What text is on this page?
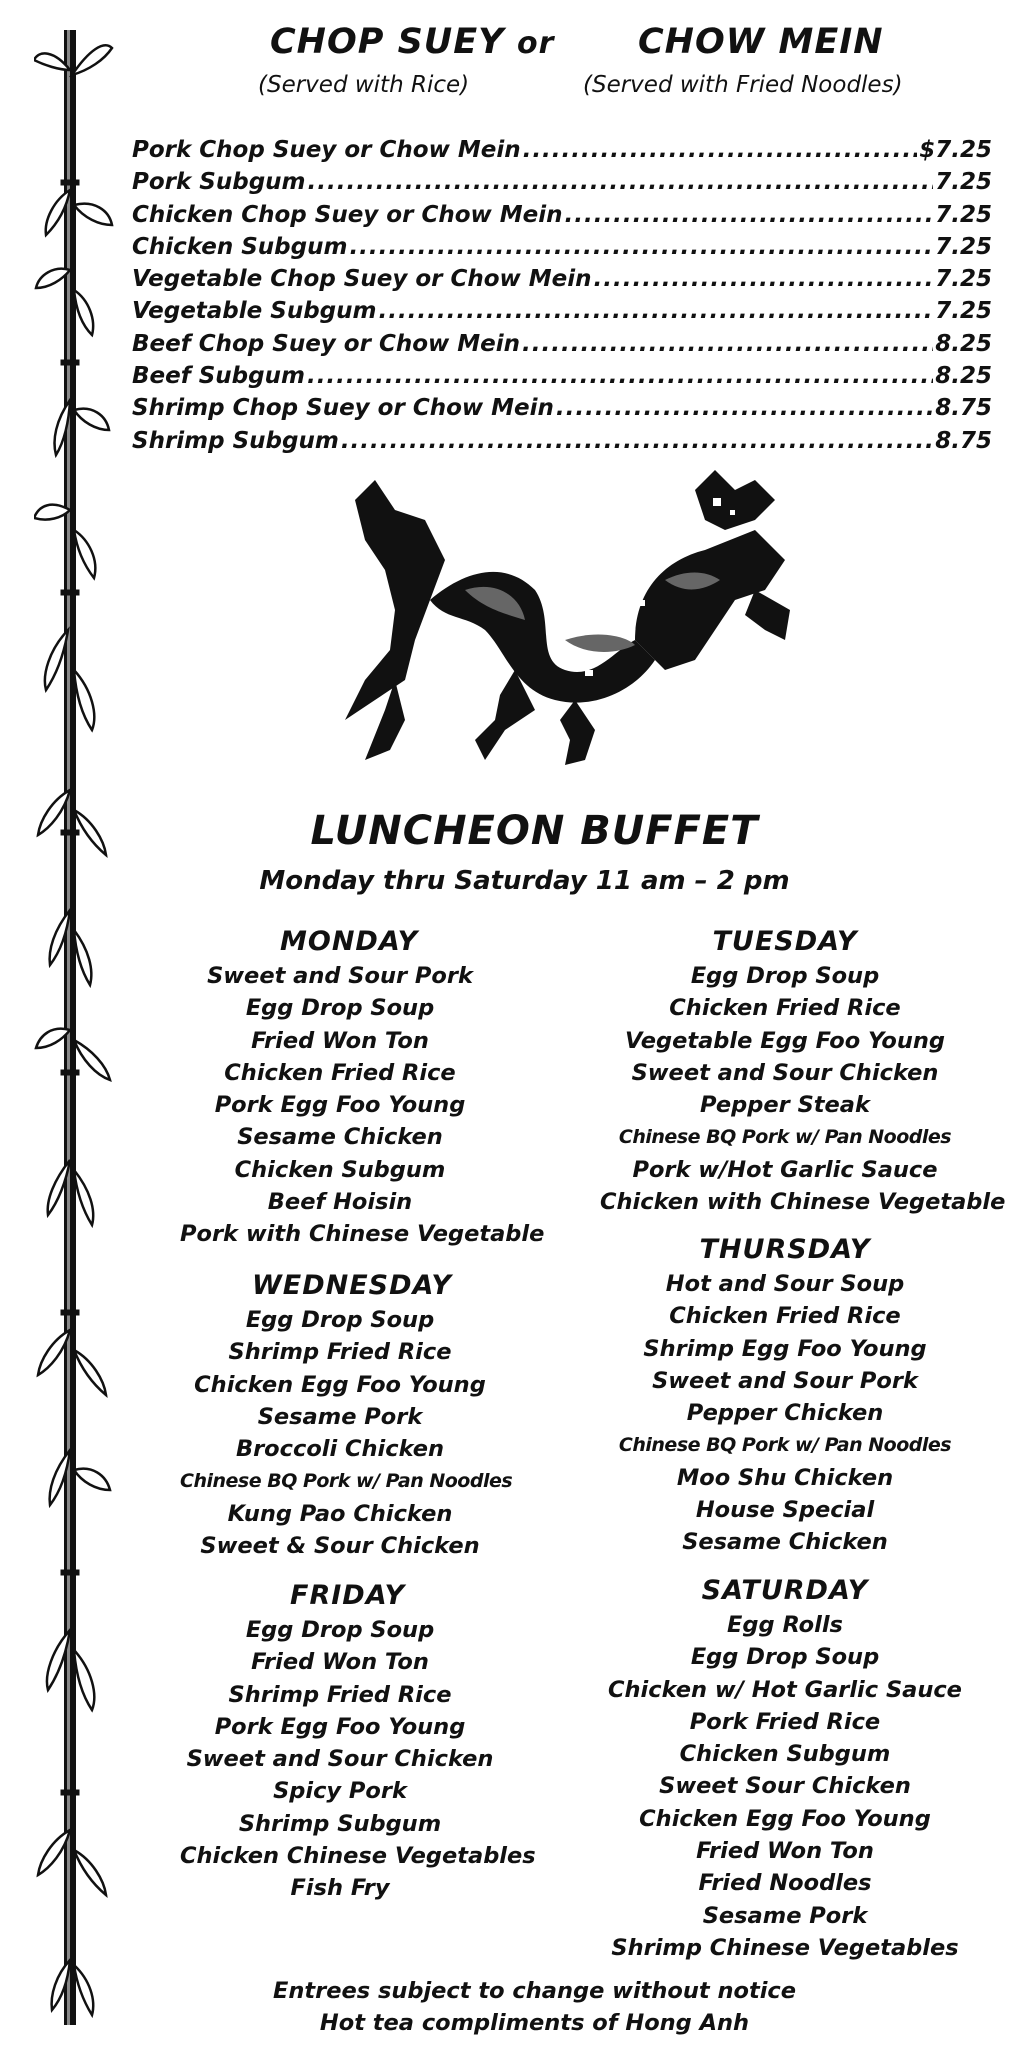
CHOP SUEY or CHOW MEIN
(Served with Rice)	(Served with Fried Noodles)
Pork Chop Suey or Chow Mein .....	$7.25
Pork Subgum .....	7.25
Chicken Chop Suey or Chow Mein .....	7.25
Chicken Subgum .....	7.25
Vegetable Chop Suey or Chow Mein .....	7.25
Vegetable Subgum .....	7.25
Beef Chop Suey or Chow Mein .....	8.25
Beef Subgum .....	8.25
Shrimp Chop Suey or Chow Mein .....	8.75
Shrimp Subgum .....	8.75
LUNCHEON BUFFET
Monday thru Saturday 11 am – 2 pm
MONDAY
Sweet and Sour Pork
Egg Drop Soup
Fried Won Ton
Chicken Fried Rice
Pork Egg Foo Young
Sesame Chicken
Chicken Subgum
Beef Hoisin
Pork with Chinese Vegetable
TUESDAY
Egg Drop Soup
Chicken Fried Rice
Vegetable Egg Foo Young
Sweet and Sour Chicken
Pepper Steak
Chinese BQ Pork w/ Pan Noodles
Pork w/Hot Garlic Sauce
Chicken with Chinese Vegetable
WEDNESDAY
Egg Drop Soup
Shrimp Fried Rice
Chicken Egg Foo Young
Sesame Pork
Broccoli Chicken
Chinese BQ Pork w/ Pan Noodles
Kung Pao Chicken
Sweet & Sour Chicken
THURSDAY
Hot and Sour Soup
Chicken Fried Rice
Shrimp Egg Foo Young
Sweet and Sour Pork
Pepper Chicken
Chinese BQ Pork w/ Pan Noodles
Moo Shu Chicken
House Special
Sesame Chicken
FRIDAY
Egg Drop Soup
Fried Won Ton
Shrimp Fried Rice
Pork Egg Foo Young
Sweet and Sour Chicken
Spicy Pork
Shrimp Subgum
Chicken Chinese Vegetables
Fish Fry
SATURDAY
Egg Rolls
Egg Drop Soup
Chicken w/ Hot Garlic Sauce
Pork Fried Rice
Chicken Subgum
Sweet Sour Chicken
Chicken Egg Foo Young
Fried Won Ton
Fried Noodles
Sesame Pork
Shrimp Chinese Vegetables
Entrees subject to change without notice
Hot tea compliments of Hong Anh
